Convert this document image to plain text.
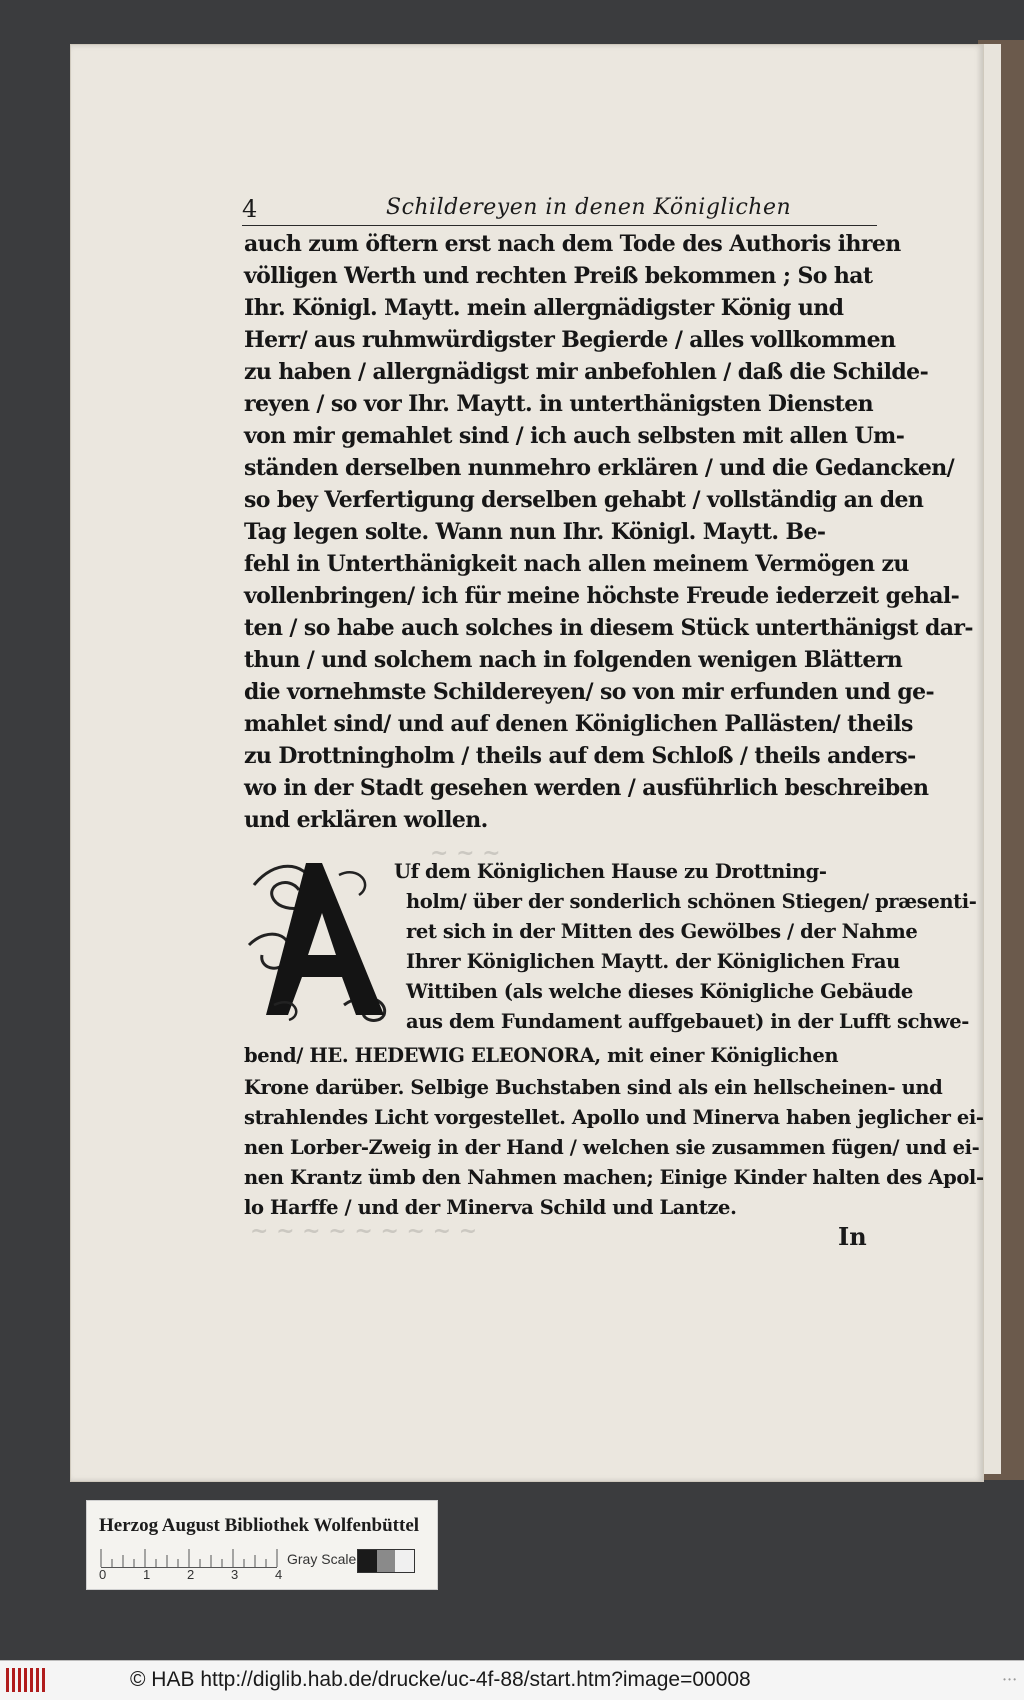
4	Schildereyen in denen Königlichen
auch zum öftern erst nach dem Tode des Authoris ihren
völligen Werth und rechten Preiß bekommen ; So hat
Ihr. Königl. Maytt. mein allergnädigster König und
Herr/ aus ruhmwürdigster Begierde / alles vollkommen
zu haben / allergnädigst mir anbefohlen / daß die Schilde-
reyen / so vor Ihr. Maytt. in unterthänigsten Diensten
von mir gemahlet sind / ich auch selbsten mit allen Um-
ständen derselben nunmehro erklären / und die Gedancken/
so bey Verfertigung derselben gehabt / vollständig an den
Tag legen solte. Wann nun Ihr. Königl. Maytt. Be-
fehl in Unterthänigkeit nach allen meinem Vermögen zu
vollenbringen/ ich für meine höchste Freude iederzeit gehal-
ten / so habe auch solches in diesem Stück unterthänigst dar-
thun / und solchem nach in folgenden wenigen Blättern
die vornehmste Schildereyen/ so von mir erfunden und ge-
mahlet sind/ und auf denen Königlichen Pallästen/ theils
zu Drottningholm / theils auf dem Schloß / theils anders-
wo in der Stadt gesehen werden / ausführlich beschreiben
und erklären wollen.
~ ~ ~
Uf dem Königlichen Hause zu Drottning-
holm/ über der sonderlich schönen Stiegen/ præsenti-
ret sich in der Mitten des Gewölbes / der Nahme
Ihrer Königlichen Maytt. der Königlichen Frau
Wittiben (als welche dieses Königliche Gebäude
aus dem Fundament auffgebauet) in der Lufft schwe-
bend/ HE. HEDEWIG ELEONORA, mit einer Königlichen
Krone darüber. Selbige Buchstaben sind als ein hellscheinen- und
strahlendes Licht vorgestellet. Apollo und Minerva haben jeglicher ei-
nen Lorber-Zweig in der Hand / welchen sie zusammen fügen/ und ei-
nen Krantz ümb den Nahmen machen; Einige Kinder halten des Apol-
lo Harffe / und der Minerva Schild und Lantze.
~ ~ ~ ~ ~ ~ ~ ~ ~	In
Herzog August Bibliothek Wolfenbüttel
0	1	2	3	4
Gray Scale
© HAB http://diglib.hab.de/drucke/uc-4f-88/start.htm?image=00008	• • •
